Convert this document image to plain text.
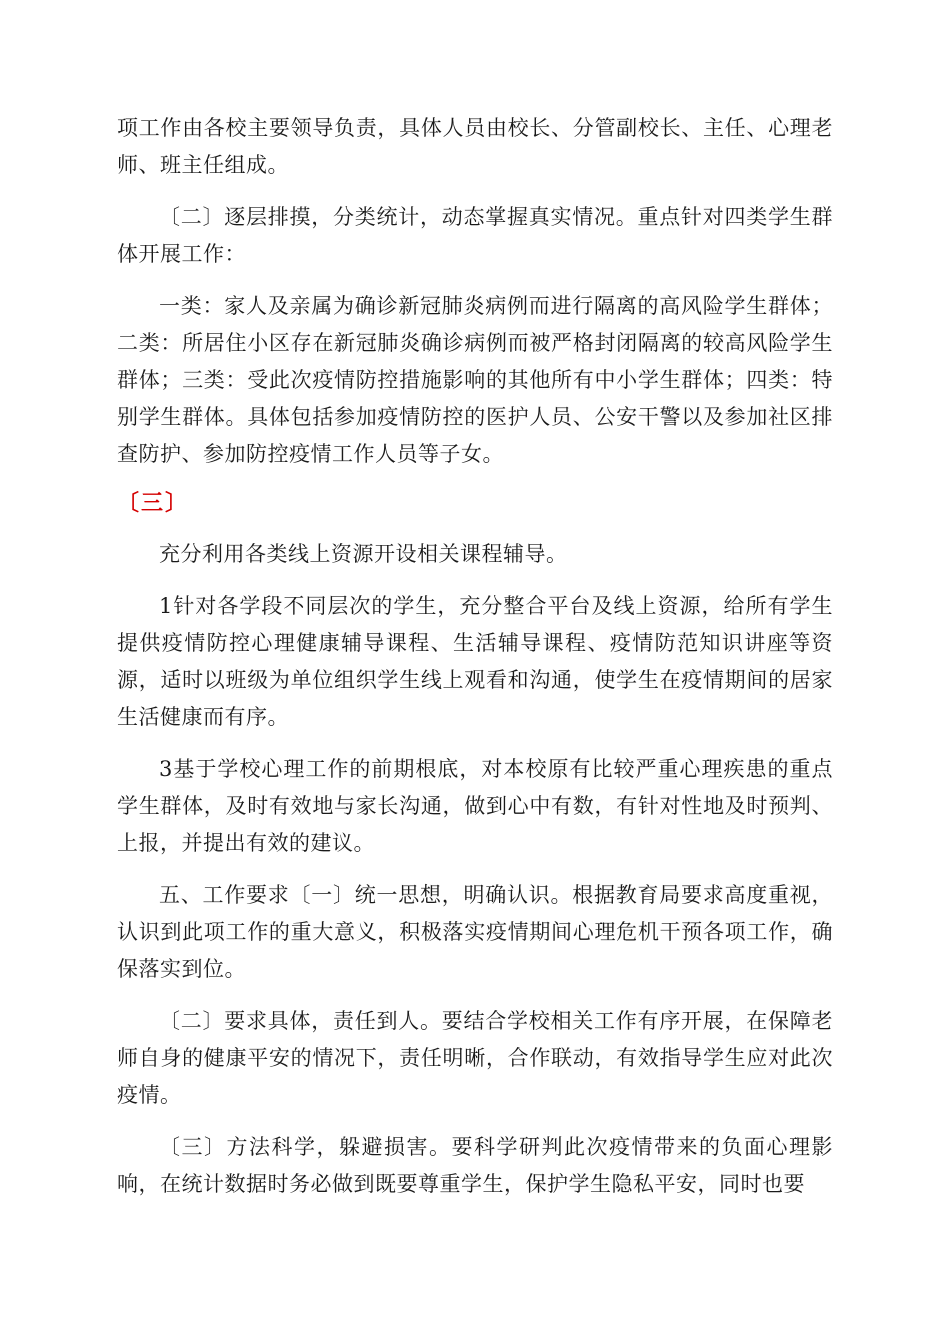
项工作由各校主要领导负责，具体人员由校长、分管副校长、主任、心理老师、班主任组成。

〔二〕逐层排摸，分类统计，动态掌握真实情况。重点针对四类学生群体开展工作：

一类：家人及亲属为确诊新冠肺炎病例而进行隔离的高风险学生群体；二类：所居住小区存在新冠肺炎确诊病例而被严格封闭隔离的较高风险学生群体；三类：受此次疫情防控措施影响的其他所有中小学生群体；四类：特别学生群体。具体包括参加疫情防控的医护人员、公安干警以及参加社区排查防护、参加防控疫情工作人员等子女。

〔三〕

充分利用各类线上资源开设相关课程辅导。

1针对各学段不同层次的学生，充分整合平台及线上资源，给所有学生提供疫情防控心理健康辅导课程、生活辅导课程、疫情防范知识讲座等资源，适时以班级为单位组织学生线上观看和沟通，使学生在疫情期间的居家生活健康而有序。

3基于学校心理工作的前期根底，对本校原有比较严重心理疾患的重点学生群体，及时有效地与家长沟通，做到心中有数，有针对性地及时预判、上报，并提出有效的建议。

五、工作要求〔一〕统一思想，明确认识。根据教育局要求高度重视，认识到此项工作的重大意义，积极落实疫情期间心理危机干预各项工作，确保落实到位。

〔二〕要求具体，责任到人。要结合学校相关工作有序开展，在保障老师自身的健康平安的情况下，责任明晰，合作联动，有效指导学生应对此次疫情。

〔三〕方法科学，躲避损害。要科学研判此次疫情带来的负面心理影响，在统计数据时务必做到既要尊重学生，保护学生隐私平安，同时也要
